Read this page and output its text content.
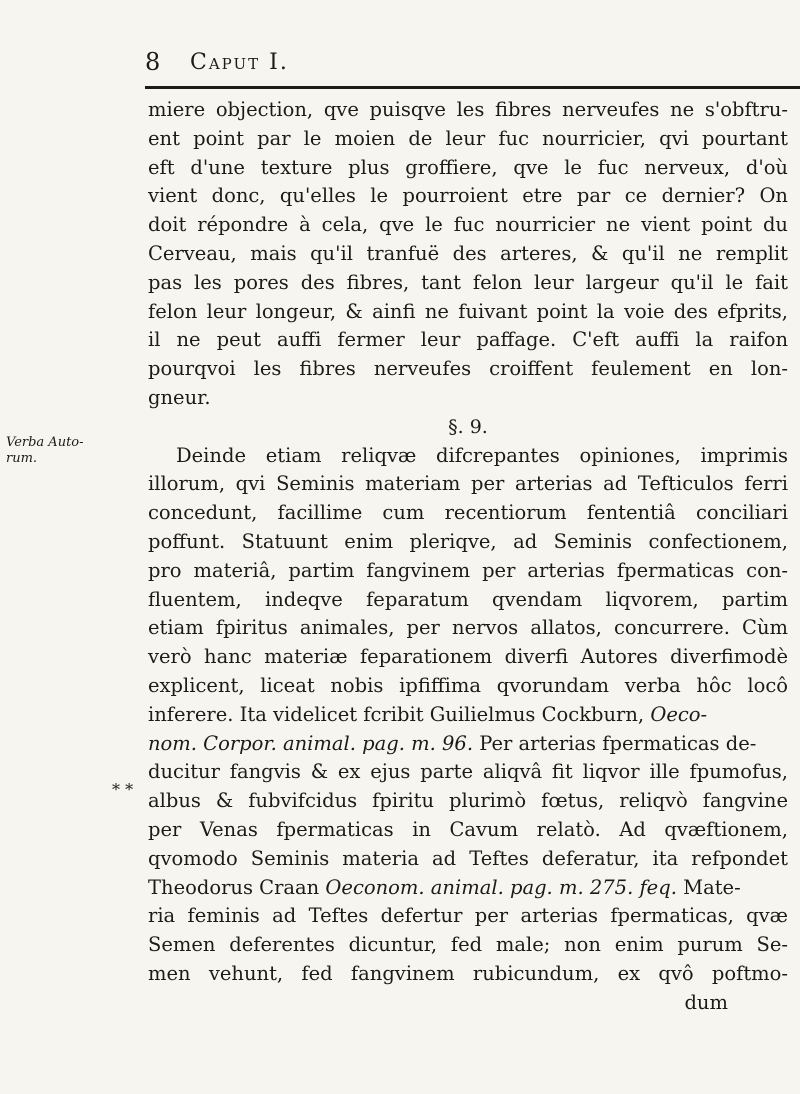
8 Caput I.
Verba Auto-
rum.
* *
miere objection, qve puisqve les fibres nerveufes ne s'obftru-
ent point par le moien de leur fuc nourricier, qvi pourtant
eft d'une texture plus groffiere, qve le fuc nerveux, d'où
vient donc, qu'elles le pourroient etre par ce dernier? On
doit répondre à cela, qve le fuc nourricier ne vient point du
Cerveau, mais qu'il tranfuë des arteres, & qu'il ne remplit
pas les pores des fibres, tant felon leur largeur qu'il le fait
felon leur longeur, & ainfi ne fuivant point la voie des efprits,
il ne peut auffi fermer leur paffage. C'eft auffi la raifon
pourqvoi les fibres nerveufes croiffent feulement en lon-
gneur.
§. 9.
Deinde etiam reliqvæ difcrepantes opiniones, imprimis
illorum, qvi Seminis materiam per arterias ad Tefticulos ferri
concedunt, facillime cum recentiorum fententiâ conciliari
poffunt. Statuunt enim pleriqve, ad Seminis confectionem,
pro materiâ, partim fangvinem per arterias fpermaticas con-
fluentem, indeqve feparatum qvendam liqvorem, partim
etiam fpiritus animales, per nervos allatos, concurrere. Cùm
verò hanc materiæ feparationem diverfi Autores diverfimodè
explicent, liceat nobis ipfiffima qvorundam verba hôc locô
inferere. Ita videlicet fcribit Guilielmus Cockburn, Oeco-
nom. Corpor. animal. pag. m. 96. Per arterias fpermaticas de-
ducitur fangvis & ex ejus parte aliqvâ fit liqvor ille fpumofus,
albus & fubvifcidus fpiritu plurimò fœtus, reliqvò fangvine
per Venas fpermaticas in Cavum relatò. Ad qvæftionem,
qvomodo Seminis materia ad Teftes deferatur, ita refpondet
Theodorus Craan Oeconom. animal. pag. m. 275. feq. Mate-
ria feminis ad Teftes defertur per arterias fpermaticas, qvæ
Semen deferentes dicuntur, fed male; non enim purum Se-
men vehunt, fed fangvinem rubicundum, ex qvô poftmo-
dum
